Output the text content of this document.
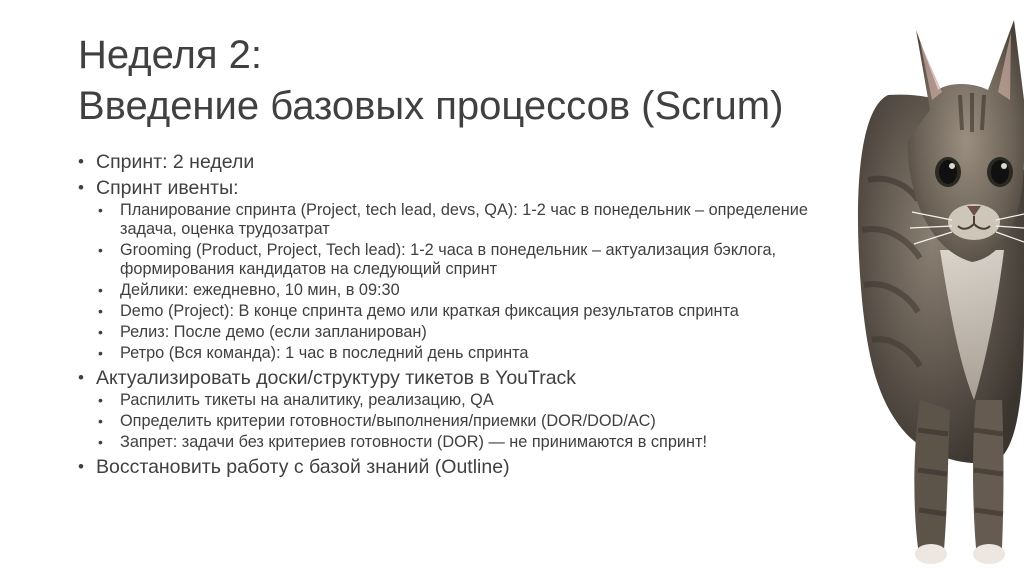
Неделя 2:
Введение базовых процессов (Scrum)
• Спринт: 2 недели
• Спринт ивенты:
• Планирование спринта (Project, tech lead, devs, QA): 1-2 час в понедельник – определение задача, оценка трудозатрат
• Grooming (Product, Project, Tech lead): 1-2 часа в понедельник – актуализация бэклога, формирования кандидатов на следующий спринт
• Дейлики: ежедневно, 10 мин, в 09:30
• Demo (Project): В конце спринта демо или краткая фиксация результатов спринта
• Релиз: После демо (если запланирован)
• Ретро (Вся команда): 1 час в последний день спринта
• Актуализировать доски/структуру тикетов в YouTrack
• Распилить тикеты на аналитику, реализацию, QA
• Определить критерии готовности/выполнения/приемки (DOR/DOD/AC)
• Запрет: задачи без критериев готовности (DOR) — не принимаются в спринт!
• Восстановить работу с базой знаний (Outline)
